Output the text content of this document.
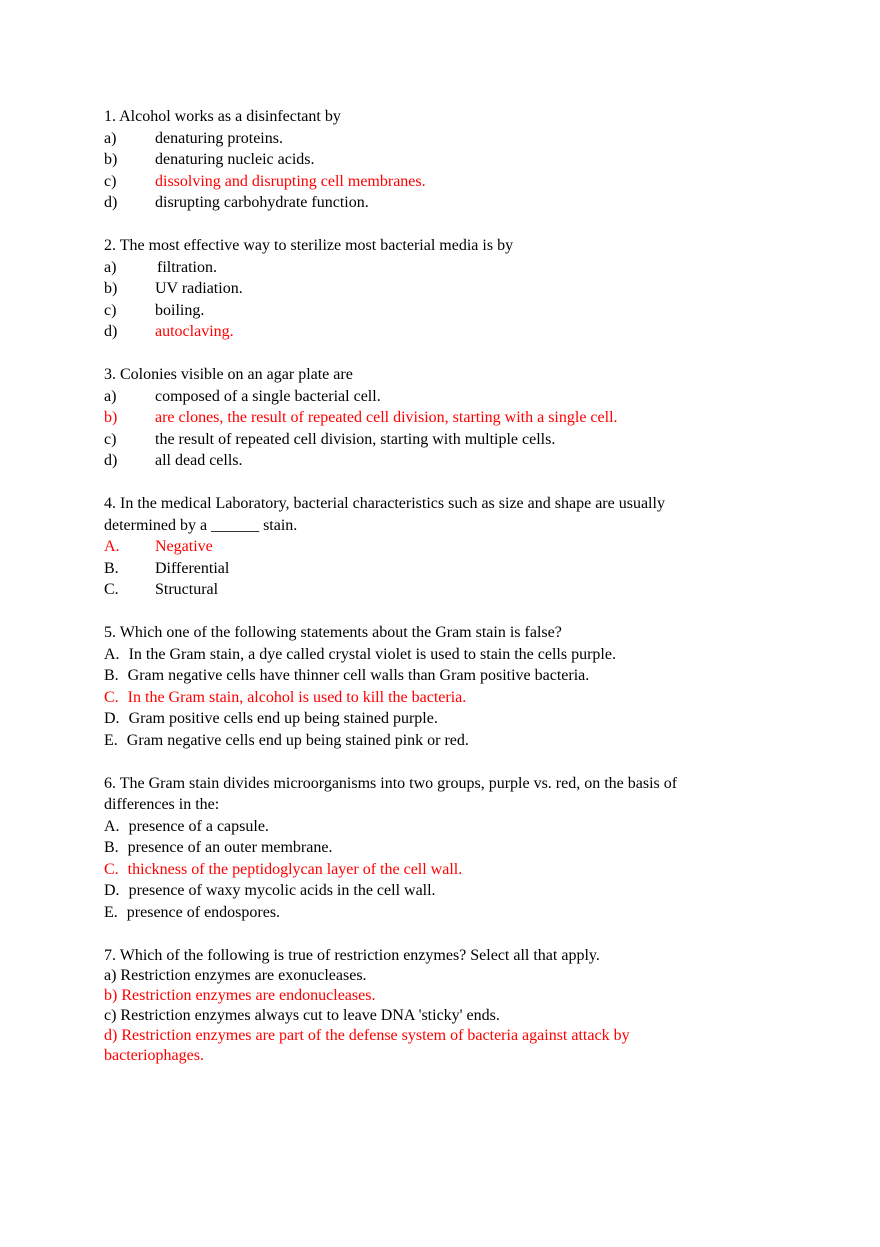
1. Alcohol works as a disinfectant by
a)	denaturing proteins.
b)	denaturing nucleic acids.
c)	dissolving and disrupting cell membranes.
d)	disrupting carbohydrate function.
2. The most effective way to sterilize most bacterial media is by
a)	filtration.
b)	UV radiation.
c)	boiling.
d)	autoclaving.
3. Colonies visible on an agar plate are
a)	composed of a single bacterial cell.
b)	are clones, the result of repeated cell division, starting with a single cell.
c)	the result of repeated cell division, starting with multiple cells.
d)	all dead cells.
4. In the medical Laboratory, bacterial characteristics such as size and shape are usually
determined by a ______ stain.
A.	Negative
B.	Differential
C.	Structural
5. Which one of the following statements about the Gram stain is false?
A. In the Gram stain, a dye called crystal violet is used to stain the cells purple.
B. Gram negative cells have thinner cell walls than Gram positive bacteria.
C. In the Gram stain, alcohol is used to kill the bacteria.
D. Gram positive cells end up being stained purple.
E. Gram negative cells end up being stained pink or red.
6. The Gram stain divides microorganisms into two groups, purple vs. red, on the basis of
differences in the:
A. presence of a capsule.
B. presence of an outer membrane.
C. thickness of the peptidoglycan layer of the cell wall.
D. presence of waxy mycolic acids in the cell wall.
E. presence of endospores.
7. Which of the following is true of restriction enzymes? Select all that apply.
a) Restriction enzymes are exonucleases.
b) Restriction enzymes are endonucleases.
c) Restriction enzymes always cut to leave DNA 'sticky' ends.
d) Restriction enzymes are part of the defense system of bacteria against attack by
bacteriophages.
